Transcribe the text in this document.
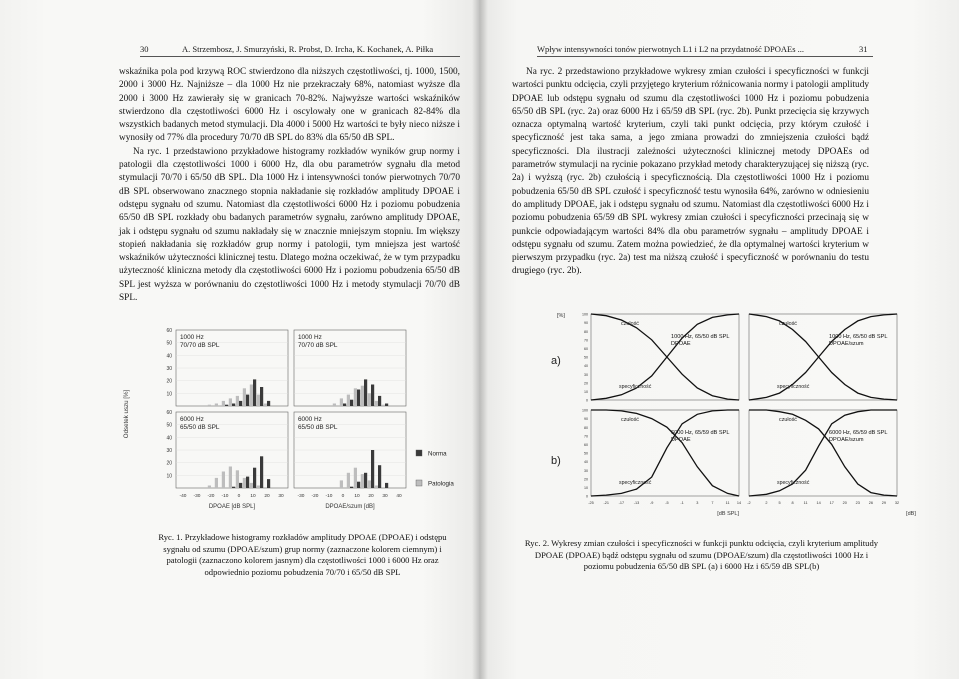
30	A. Strzembosz, J. Smurzyński, R. Probst, D. Ircha, K. Kochanek, A. Piłka

wskaźnika pola pod krzywą ROC stwierdzono dla niższych częstotliwości, tj. 1000, 1500, 2000 i 3000 Hz. Najniższe – dla 1000 Hz nie przekraczały 68%, natomiast wyższe dla 2000 i 3000 Hz zawierały się w granicach 70-82%. Najwyższe wartości wskaźników stwierdzono dla częstotliwości 6000 Hz i oscylowały one w granicach 82-84% dla wszystkich badanych metod stymulacji. Dla 4000 i 5000 Hz wartości te były nieco niższe i wynosiły od 77% dla procedury 70/70 dB SPL do 83% dla 65/50 dB SPL.

Na ryc. 1 przedstawiono przykładowe histogramy rozkładów wyników grup normy i patologii dla częstotliwości 1000 i 6000 Hz, dla obu parametrów sygnału dla metod stymulacji 70/70 i 65/50 dB SPL. Dla 1000 Hz i intensywności tonów pierwotnych 70/70 dB SPL obserwowano znacznego stopnia nakładanie się rozkładów amplitudy DPOAE i odstępu sygnału od szumu. Natomiast dla częstotliwości 6000 Hz i poziomu pobudzenia 65/50 dB SPL rozkłady obu badanych parametrów sygnału, zarówno amplitudy DPOAE, jak i odstępu sygnału od szumu nakładały się w znacznie mniejszym stopniu. Im większy stopień nakładania się rozkładów grup normy i patologii, tym mniejsza jest wartość wskaźników użyteczności klinicznej testu. Dlatego można oczekiwać, że w tym przypadku użyteczność kliniczna metody dla częstotliwości 6000 Hz i poziomu pobudzenia 65/50 dB SPL jest wyższa w porównaniu do częstotliwości 1000 Hz i metody stymulacji 70/70 dB SPL.

1000 Hz
70/70 dB SPL
1000 Hz
70/70 dB SPL
6000 Hz
65/50 dB SPL
6000 Hz
65/50 dB SPL
10
20
30
40
50
60
10
20
30
40
50
60
Odsetek uszu [%]
-40 -30 -20 -10 0 10 20 30	-30 -20 -10 0 10 20 30 40
DPOAE [dB SPL]	DPOAE/szum [dB]
Norma
Patologia
Ryc. 1. Przykładowe histogramy rozkładów amplitudy DPOAE (DPOAE) i odstępu sygnału od szumu (DPOAE/szum) grup normy (zaznaczone kolorem ciemnym) i patologii (zaznaczono kolorem jasnym) dla częstotliwości 1000 i 6000 Hz oraz odpowiednio poziomu pobudzenia 70/70 i 65/50 dB SPL
Wpływ intensywności tonów pierwotnych L1 i L2 na przydatność DPOAEs ...	31
Na ryc. 2 przedstawiono przykładowe wykresy zmian czułości i specyficzności w funkcji wartości punktu odcięcia, czyli przyjętego kryterium różnicowania normy i patologii amplitudy DPOAE lub odstępu sygnału od szumu dla częstotliwości 1000 Hz i poziomu pobudzenia 65/50 dB SPL (ryc. 2a) oraz 6000 Hz i 65/59 dB SPL (ryc. 2b). Punkt przecięcia się krzywych oznacza optymalną wartość kryterium, czyli taki punkt odcięcia, przy którym czułość i specyficzność jest taka sama, a jego zmiana prowadzi do zmniejszenia czułości bądź specyficzności. Dla ilustracji zależności użyteczności klinicznej metody DPOAEs od parametrów stymulacji na rycinie pokazano przykład metody charakteryzującej się niższą (ryc. 2a) i wyższą (ryc. 2b) czułością i specyficznością. Dla częstotliwości 1000 Hz i poziomu pobudzenia 65/50 dB SPL czułość i specyficzność testu wynosiła 64%, zarówno w odniesieniu do amplitudy DPOAE, jak i odstępu sygnału od szumu. Natomiast dla częstotliwości 6000 Hz i poziomu pobudzenia 65/59 dB SPL wykresy zmian czułości i specyficzności przecinają się w punkcie odpowiadającym wartości 84% dla obu parametrów sygnału – amplitudy DPOAE i odstępu sygnału od szumu. Zatem można powiedzieć, że dla optymalnej wartości kryterium w pierwszym przypadku (ryc. 2a) test ma niższą czułość i specyficzność w porównaniu do testu drugiego (ryc. 2b).
czułość
specyficzność
1000 Hz, 65/50 dB SPL
DPOAE
czułość
specyficzność
1000 Hz, 65/50 dB SPL
DPOAE/szum
czułość
specyficzność
6000 Hz, 65/59 dB SPL
DPOAE
czułość
specyficzność
6000 Hz, 65/59 dB SPL
DPOAE/szum
0
10
20
30
40
50
60
70
80
90
100
0
10
20
30
40
50
60
70
80
90
100
[%]
a)
b)
-25	-21	-17	-13	-9	-5	-1	3	7	11 14 -2	2	5	8	11 14 17 20 23 26 29 32
[dB SPL]	[dB]
Ryc. 2. Wykresy zmian czułości i specyficzności w funkcji punktu odcięcia, czyli kryterium amplitudy DPOAE (DPOAE) bądź odstępu sygnału od szumu (DPOAE/szum) dla częstotliwości 1000 Hz i poziomu pobudzenia 65/50 dB SPL (a) i 6000 Hz i 65/59 dB SPL(b)
